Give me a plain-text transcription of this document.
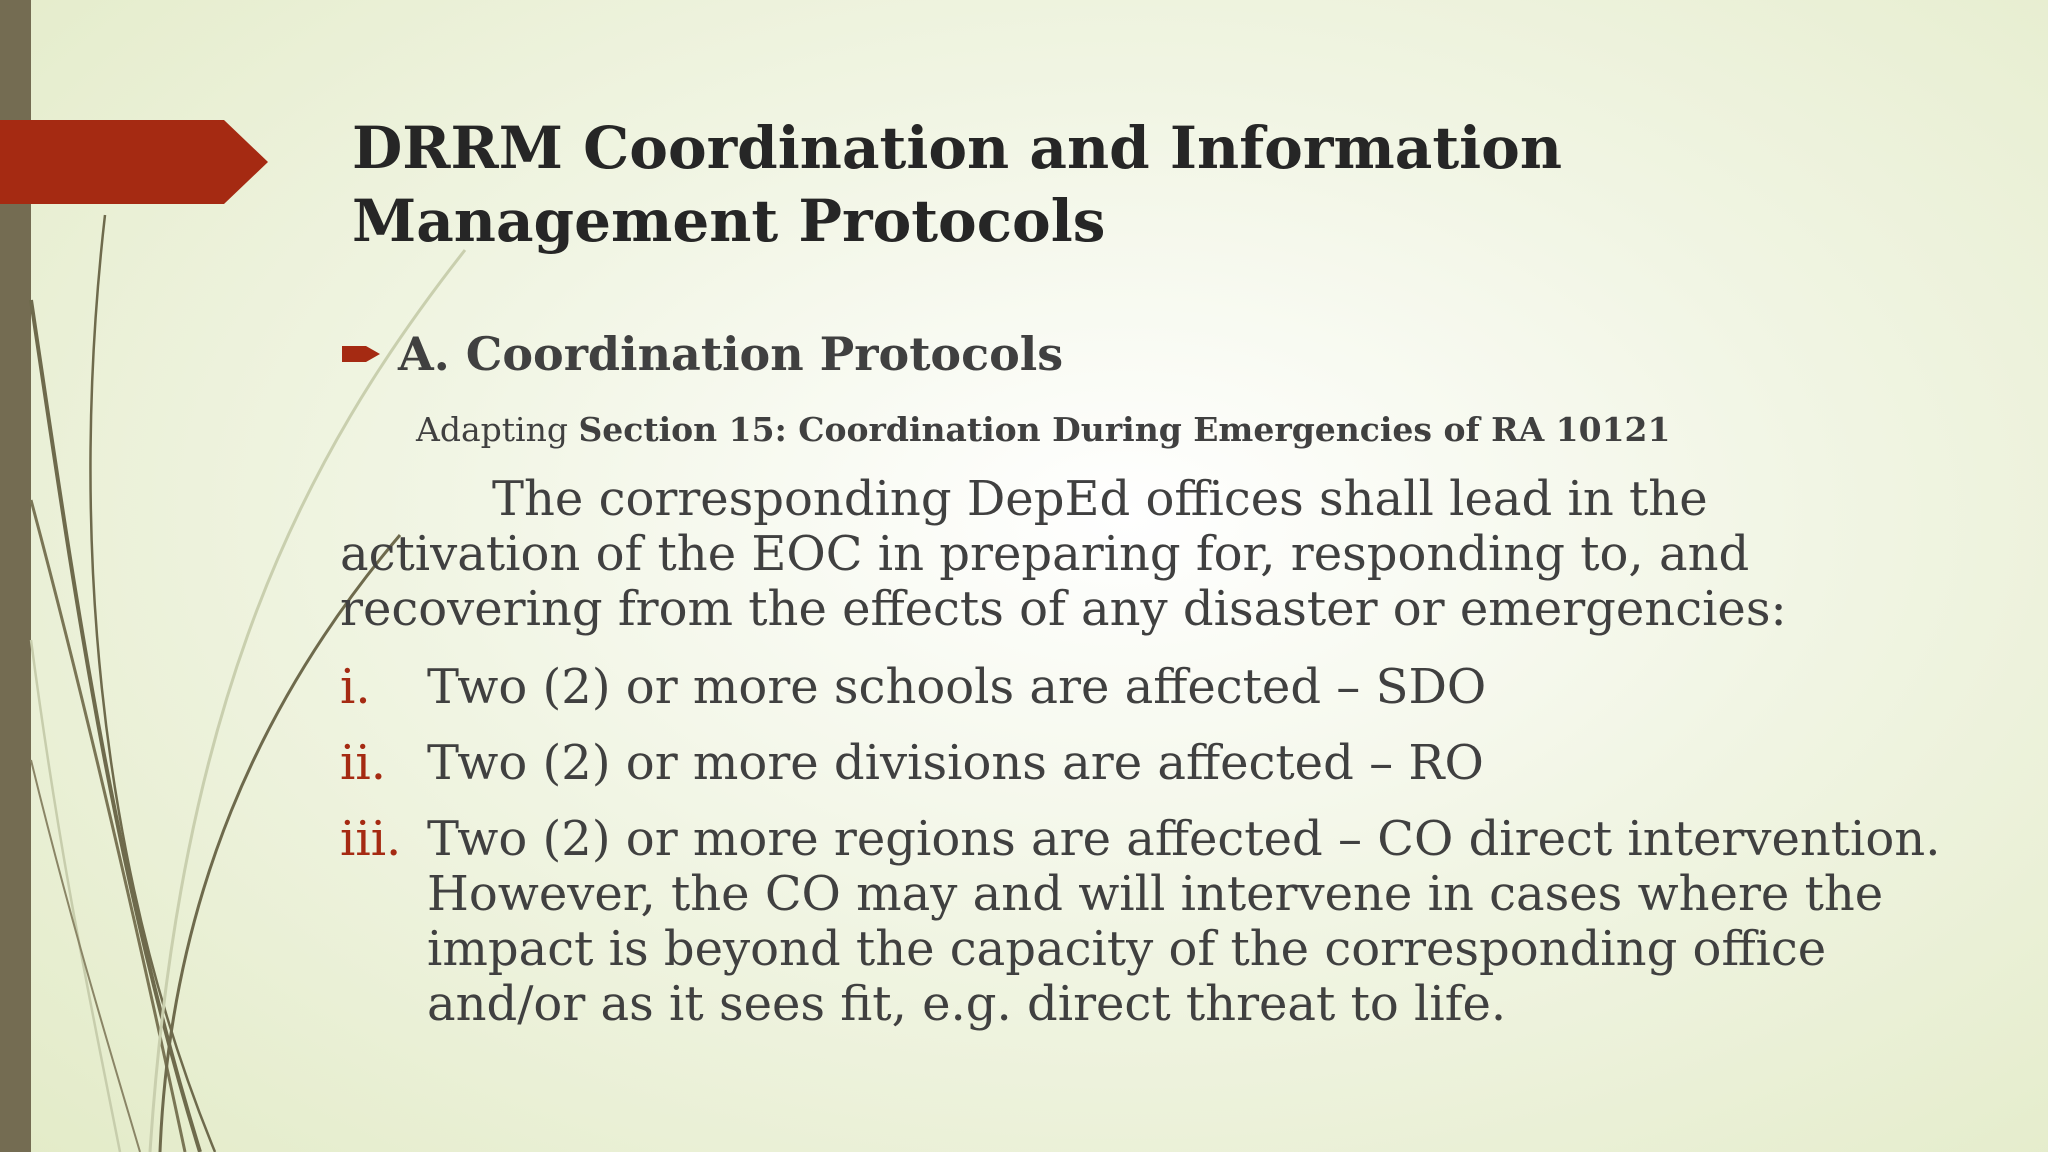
DRRM Coordination and Information Management Protocols
A. Coordination Protocols
Adapting Section 15: Coordination During Emergencies of RA 10121

The corresponding DepEd offices shall lead in the activation of the EOC in preparing for, responding to, and recovering from the effects of any disaster or emergencies:

i.	Two (2) or more schools are affected – SDO
ii. Two (2) or more divisions are affected – RO
iii. Two (2) or more regions are affected – CO direct intervention. However, the CO may and will intervene in cases where the impact is beyond the capacity of the corresponding office and/or as it sees fit, e.g. direct threat to life.
